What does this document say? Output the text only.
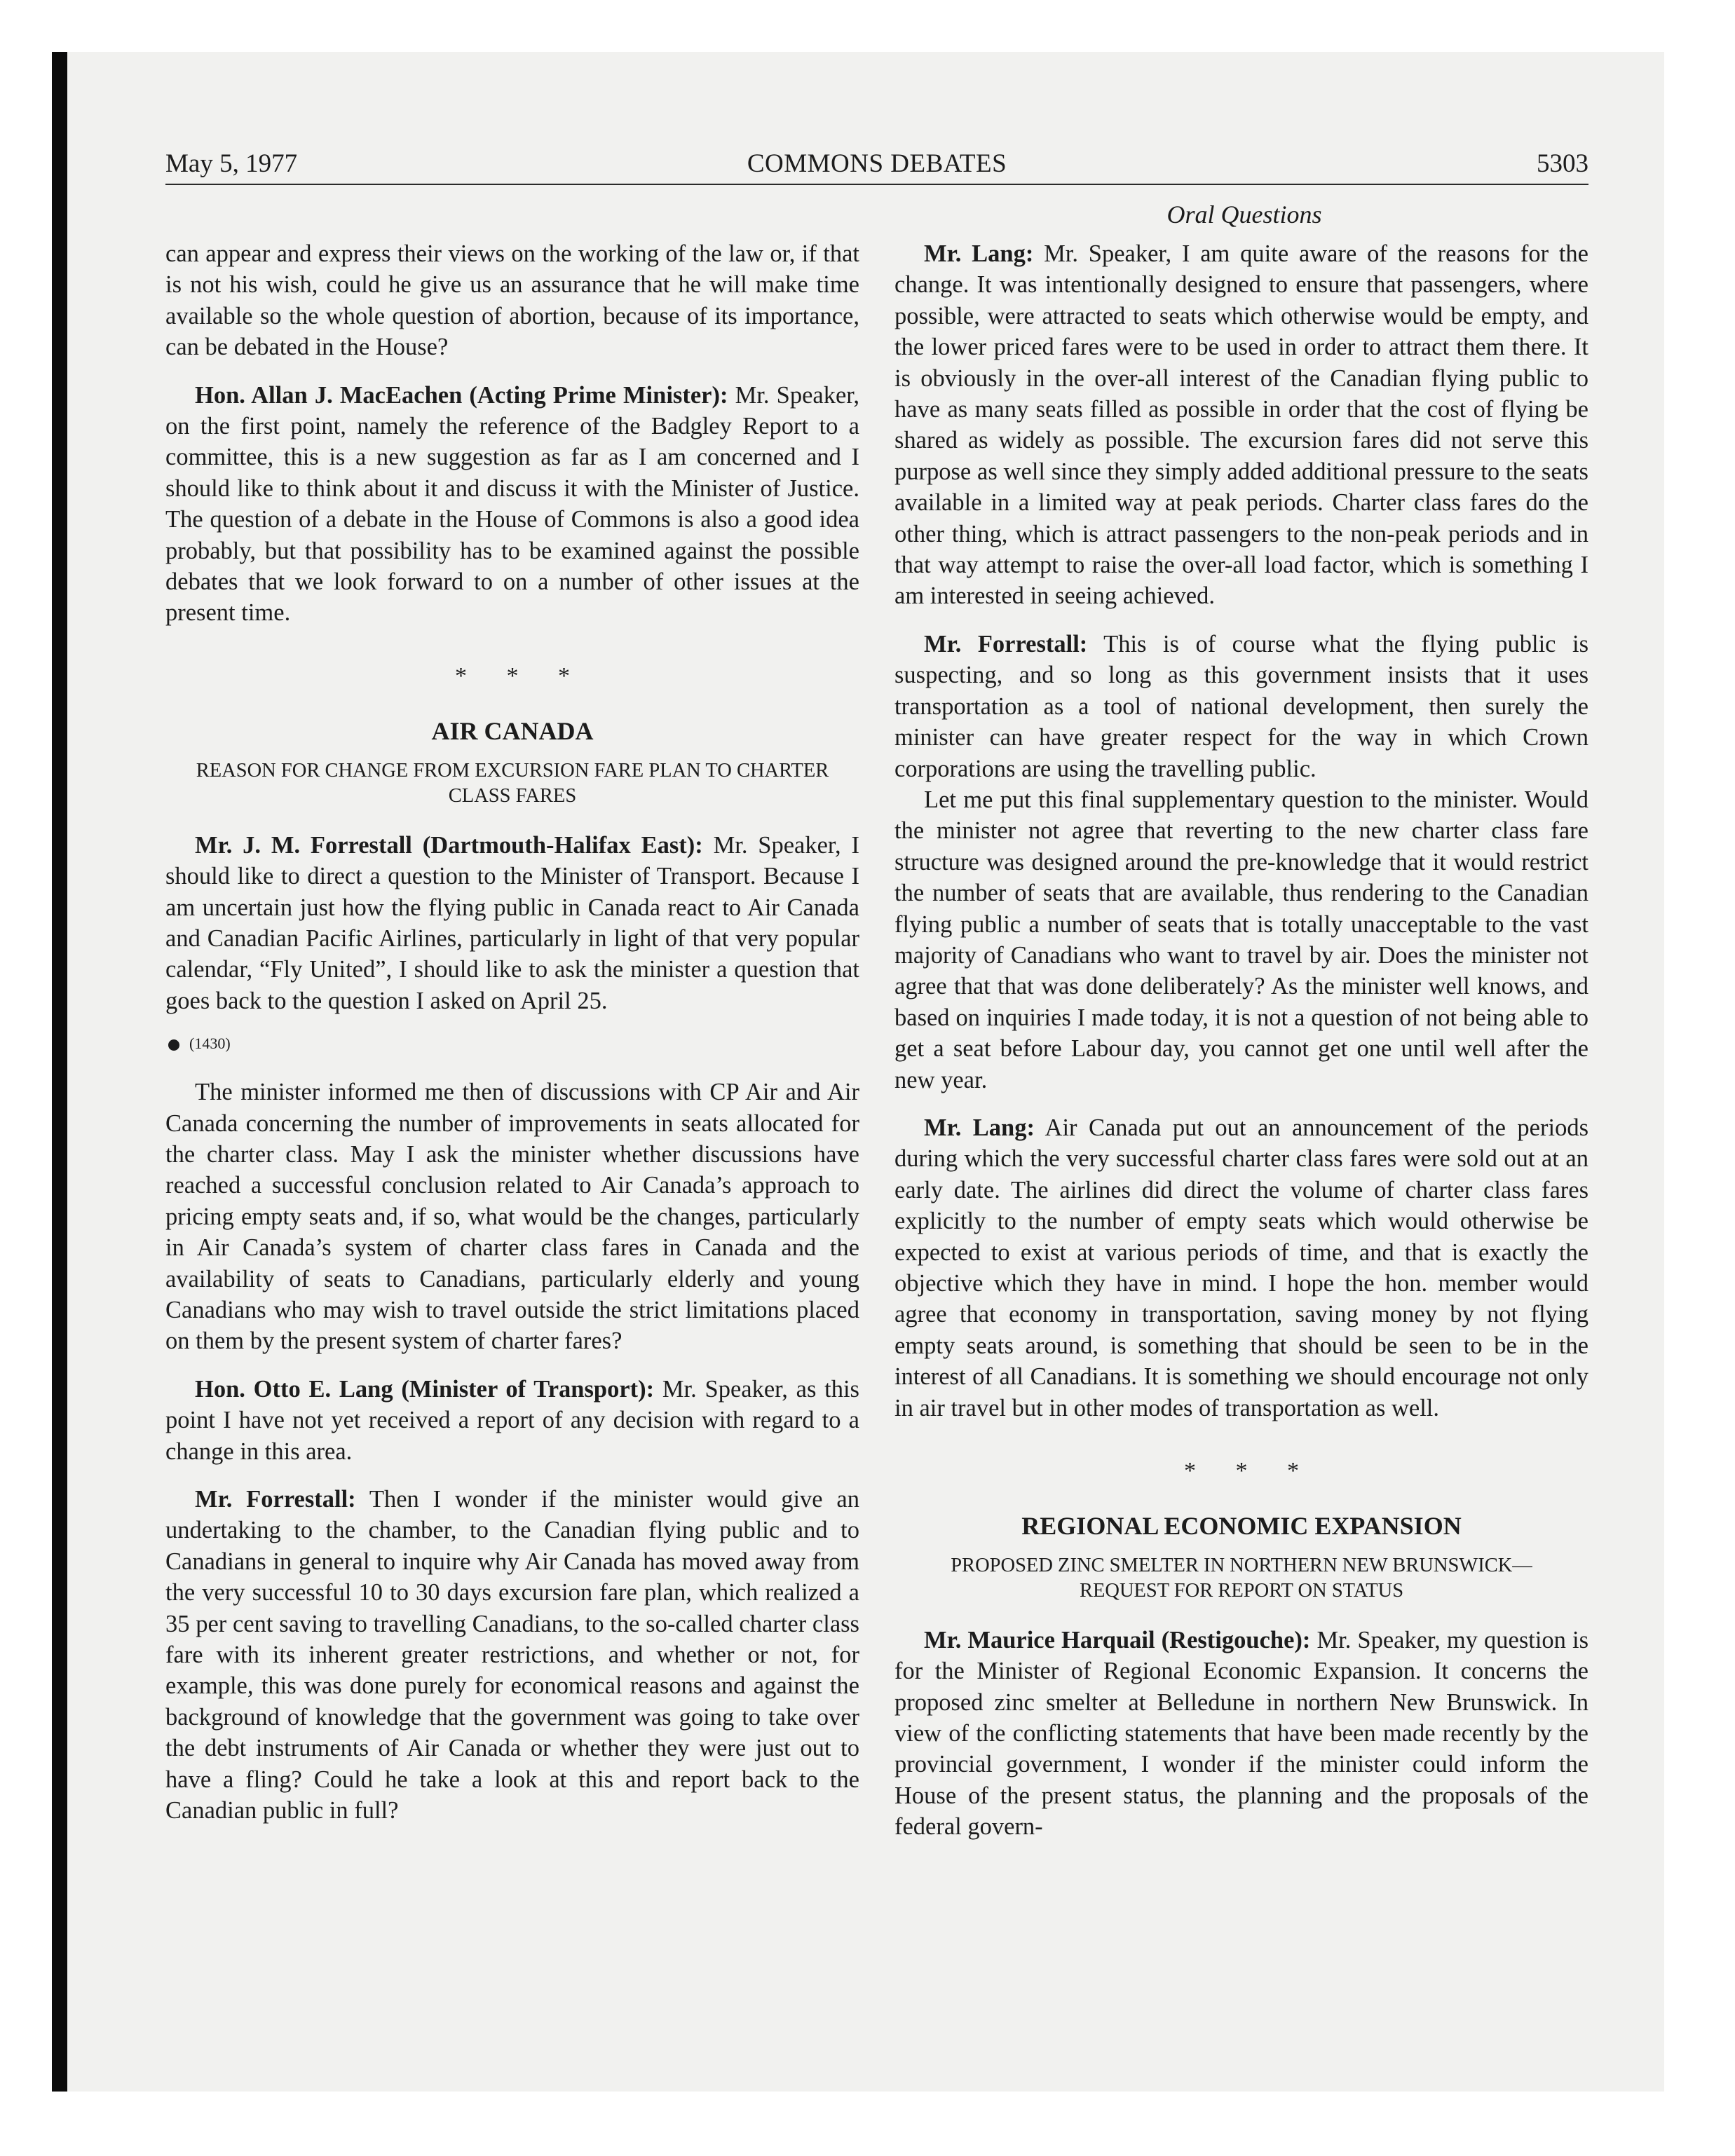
May 5, 1977	COMMONS DEBATES	5303
Oral Questions

can appear and express their views on the working of the law or, if that is not his wish, could he give us an assurance that he will make time available so the whole question of abortion, because of its importance, can be debated in the House?

Hon. Allan J. MacEachen (Acting Prime Minister): Mr. Speaker, on the first point, namely the reference of the Badgley Report to a committee, this is a new suggestion as far as I am concerned and I should like to think about it and discuss it with the Minister of Justice. The question of a debate in the House of Commons is also a good idea probably, but that possibility has to be examined against the possible debates that we look forward to on a number of other issues at the present time.

* * *
AIR CANADA
REASON FOR CHANGE FROM EXCURSION FARE PLAN TO CHARTER CLASS FARES

Mr. J. M. Forrestall (Dartmouth-Halifax East): Mr. Speaker, I should like to direct a question to the Minister of Transport. Because I am uncertain just how the flying public in Canada react to Air Canada and Canadian Pacific Airlines, particularly in light of that very popular calendar, “Fly United”, I should like to ask the minister a question that goes back to the question I asked on April 25.

(1430)

The minister informed me then of discussions with CP Air and Air Canada concerning the number of improvements in seats allocated for the charter class. May I ask the minister whether discussions have reached a successful conclusion related to Air Canada’s approach to pricing empty seats and, if so, what would be the changes, particularly in Air Canada’s system of charter class fares in Canada and the availability of seats to Canadians, particularly elderly and young Canadians who may wish to travel outside the strict limitations placed on them by the present system of charter fares?

Hon. Otto E. Lang (Minister of Transport): Mr. Speaker, as this point I have not yet received a report of any decision with regard to a change in this area.

Mr. Forrestall: Then I wonder if the minister would give an undertaking to the chamber, to the Canadian flying public and to Canadians in general to inquire why Air Canada has moved away from the very successful 10 to 30 days excursion fare plan, which realized a 35 per cent saving to travelling Canadians, to the so-called charter class fare with its inherent greater restrictions, and whether or not, for example, this was done purely for economical reasons and against the background of knowledge that the government was going to take over the debt instruments of Air Canada or whether they were just out to have a fling? Could he take a look at this and report back to the Canadian public in full?

Mr. Lang: Mr. Speaker, I am quite aware of the reasons for the change. It was intentionally designed to ensure that passengers, where possible, were attracted to seats which otherwise would be empty, and the lower priced fares were to be used in order to attract them there. It is obviously in the over-all interest of the Canadian flying public to have as many seats filled as possible in order that the cost of flying be shared as widely as possible. The excursion fares did not serve this purpose as well since they simply added additional pressure to the seats available in a limited way at peak periods. Charter class fares do the other thing, which is attract passengers to the non-peak periods and in that way attempt to raise the over-all load factor, which is something I am interested in seeing achieved.

Mr. Forrestall: This is of course what the flying public is suspecting, and so long as this government insists that it uses transportation as a tool of national development, then surely the minister can have greater respect for the way in which Crown corporations are using the travelling public.

Let me put this final supplementary question to the minister. Would the minister not agree that reverting to the new charter class fare structure was designed around the pre-knowledge that it would restrict the number of seats that are available, thus rendering to the Canadian flying public a number of seats that is totally unacceptable to the vast majority of Canadians who want to travel by air. Does the minister not agree that that was done deliberately? As the minister well knows, and based on inquiries I made today, it is not a question of not being able to get a seat before Labour day, you cannot get one until well after the new year.

Mr. Lang: Air Canada put out an announcement of the periods during which the very successful charter class fares were sold out at an early date. The airlines did direct the volume of charter class fares explicitly to the number of empty seats which would otherwise be expected to exist at various periods of time, and that is exactly the objective which they have in mind. I hope the hon. member would agree that economy in transportation, saving money by not flying empty seats around, is something that should be seen to be in the interest of all Canadians. It is something we should encourage not only in air travel but in other modes of transportation as well.

* * *
REGIONAL ECONOMIC EXPANSION
PROPOSED ZINC SMELTER IN NORTHERN NEW BRUNSWICK— REQUEST FOR REPORT ON STATUS

Mr. Maurice Harquail (Restigouche): Mr. Speaker, my question is for the Minister of Regional Economic Expansion. It concerns the proposed zinc smelter at Belledune in northern New Brunswick. In view of the conflicting statements that have been made recently by the provincial government, I wonder if the minister could inform the House of the present status, the planning and the proposals of the federal govern-
